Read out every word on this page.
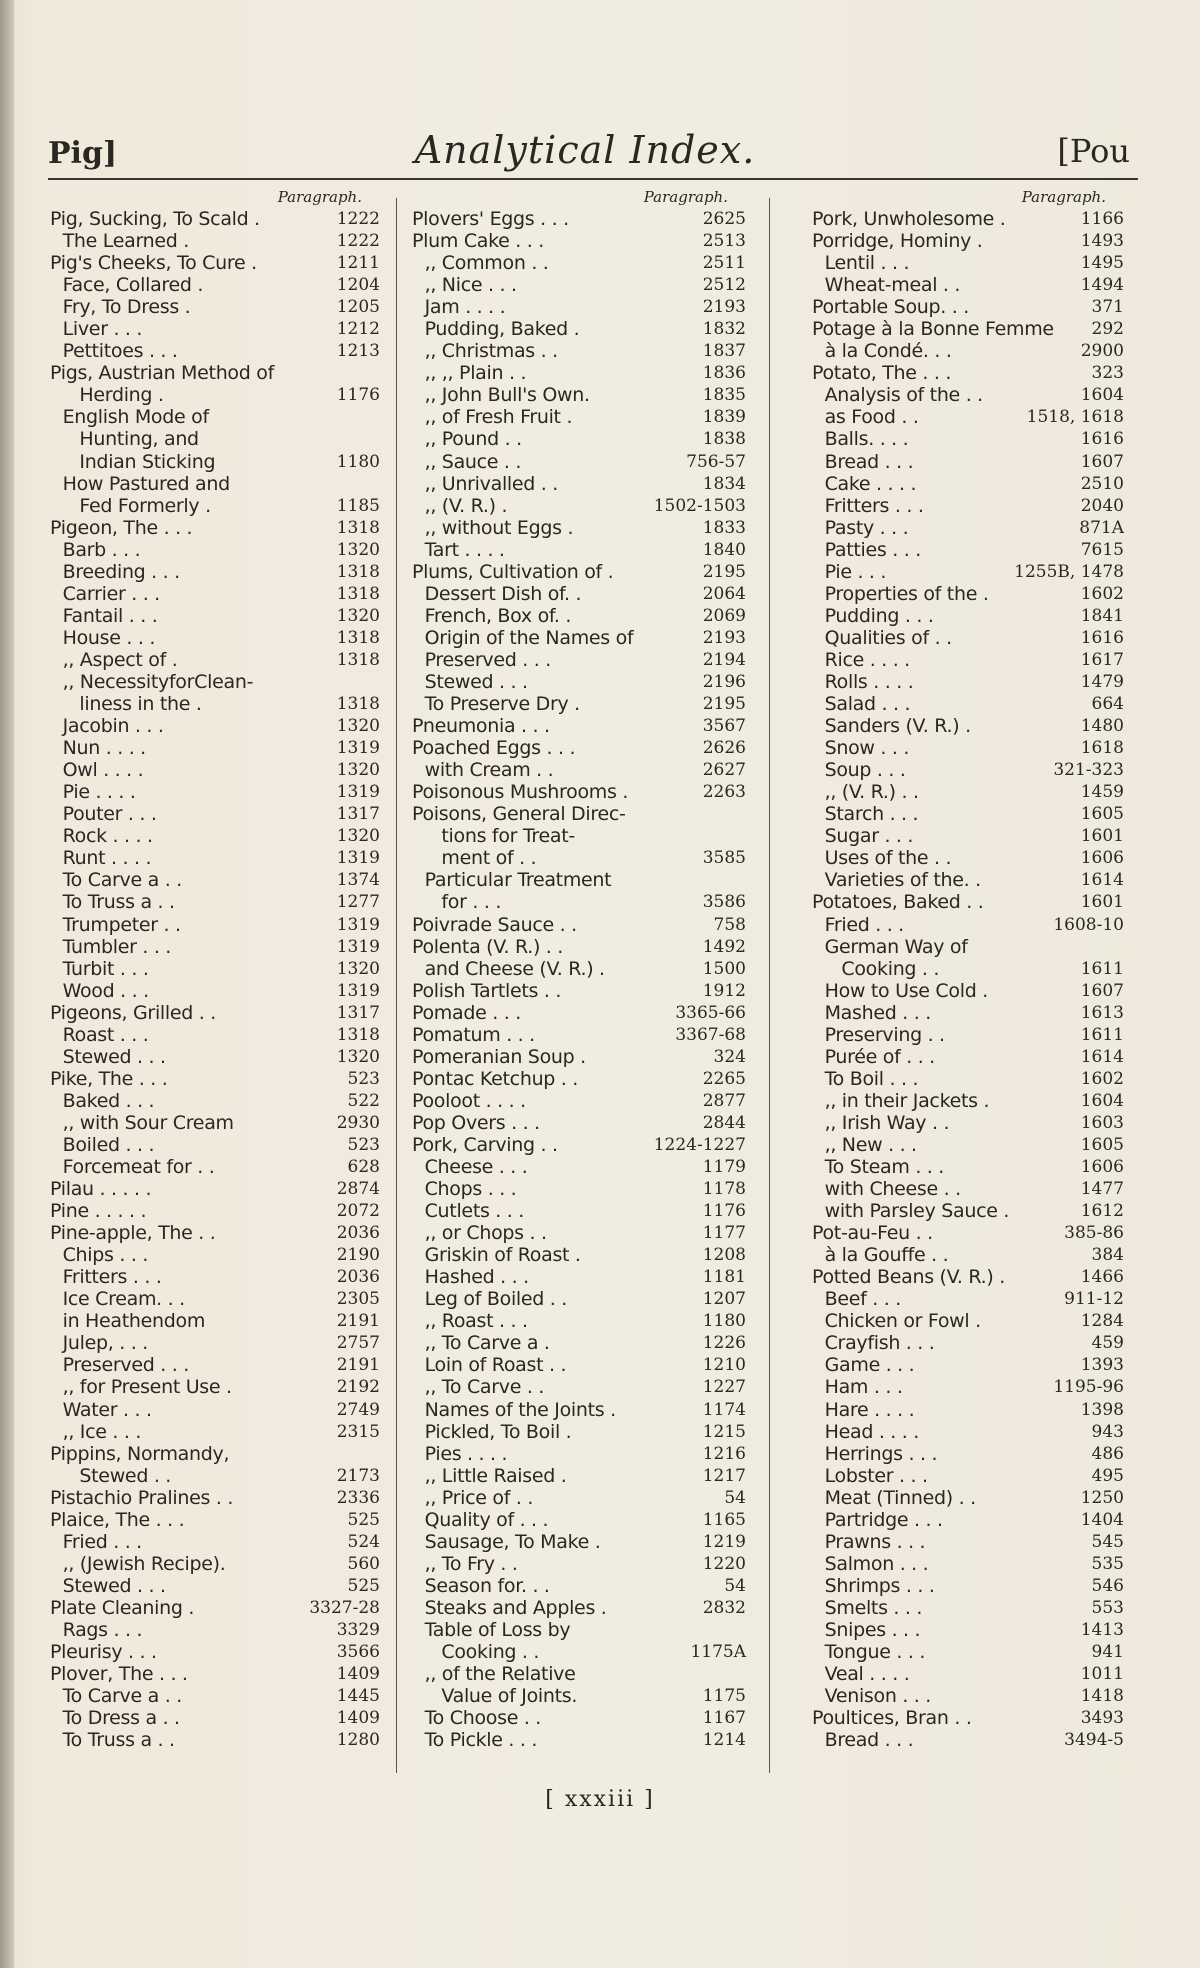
Pig]	Analytical Index.	[Pou
Paragraph.
Pig, Sucking, To Scald .	1222
The Learned .	1222
Pig's Cheeks, To Cure .	1211
Face, Collared .	1204
Fry, To Dress .	1205
Liver . . .	1212
Pettitoes . . .	1213
Pigs, Austrian Method of
Herding .	1176
English Mode of
Hunting, and
Indian Sticking	1180
How Pastured and
Fed Formerly .	1185
Pigeon, The . . .	1318
Barb . . .	1320
Breeding . . .	1318
Carrier . . .	1318
Fantail . . .	1320
House . . .	1318
,, Aspect of .	1318
,, NecessityforClean-
liness in the .	1318
Jacobin . . .	1320
Nun . . . .	1319
Owl . . . .	1320
Pie . . . .	1319
Pouter . . .	1317
Rock . . . .	1320
Runt . . . .	1319
To Carve a . .	1374
To Truss a . .	1277
Trumpeter . .	1319
Tumbler . . .	1319
Turbit . . .	1320
Wood . . .	1319
Pigeons, Grilled . .	1317
Roast . . .	1318
Stewed . . .	1320
Pike, The . . .	523
Baked . . .	522
,, with Sour Cream	2930
Boiled . . .	523
Forcemeat for . .	628
Pilau . . . . .	2874
Pine . . . . .	2072
Pine-apple, The . .	2036
Chips . . .	2190
Fritters . . .	2036
Ice Cream. . .	2305
in Heathendom	2191
Julep, . . .	2757
Preserved . . .	2191
,, for Present Use .	2192
Water . . .	2749
,, Ice . . .	2315
Pippins, Normandy,
Stewed . .	2173
Pistachio Pralines . .	2336
Plaice, The . . .	525
Fried . . .	524
,, (Jewish Recipe).	560
Stewed . . .	525
Plate Cleaning .	3327-28
Rags . . .	3329
Pleurisy . . .	3566
Plover, The . . .	1409
To Carve a . .	1445
To Dress a . .	1409
To Truss a . .	1280
Paragraph.
Plovers' Eggs . . .	2625
Plum Cake . . .	2513
,, Common . .	2511
,, Nice . . .	2512
Jam . . . .	2193
Pudding, Baked .	1832
,, Christmas . .	1837
,, ,, Plain . .	1836
,, John Bull's Own.	1835
,, of Fresh Fruit .	1839
,, Pound . .	1838
,, Sauce . .	756-57
,, Unrivalled . .	1834
,, (V. R.) .	1502-1503
,, without Eggs .	1833
Tart . . . .	1840
Plums, Cultivation of .	2195
Dessert Dish of. .	2064
French, Box of. .	2069
Origin of the Names of	2193
Preserved . . .	2194
Stewed . . .	2196
To Preserve Dry .	2195
Pneumonia . . .	3567
Poached Eggs . . .	2626
with Cream . .	2627
Poisonous Mushrooms .	2263
Poisons, General Direc-
tions for Treat-
ment of . .	3585
Particular Treatment
for . . .	3586
Poivrade Sauce . .	758
Polenta (V. R.) . .	1492
and Cheese (V. R.) .	1500
Polish Tartlets . .	1912
Pomade . . .	3365-66
Pomatum . . .	3367-68
Pomeranian Soup .	324
Pontac Ketchup . .	2265
Pooloot . . . .	2877
Pop Overs . . .	2844
Pork, Carving . .	1224-1227
Cheese . . .	1179
Chops . . .	1178
Cutlets . . .	1176
,, or Chops . .	1177
Griskin of Roast .	1208
Hashed . . .	1181
Leg of Boiled . .	1207
,, Roast . . .	1180
,, To Carve a .	1226
Loin of Roast . .	1210
,, To Carve . .	1227
Names of the Joints .	1174
Pickled, To Boil .	1215
Pies . . . .	1216
,, Little Raised .	1217
,, Price of . .	54
Quality of . . .	1165
Sausage, To Make .	1219
,, To Fry . .	1220
Season for. . .	54
Steaks and Apples .	2832
Table of Loss by
Cooking . .	1175A
,, of the Relative
Value of Joints.	1175
To Choose . .	1167
To Pickle . . .	1214
Paragraph.
Pork, Unwholesome .	1166
Porridge, Hominy .	1493
Lentil . . .	1495
Wheat-meal . .	1494
Portable Soup. . .	371
Potage à la Bonne Femme 292
à la Condé. . .	2900
Potato, The . . .	323
Analysis of the . .	1604
as Food . .	1518, 1618
Balls. . . .	1616
Bread . . .	1607
Cake . . . .	2510
Fritters . . .	2040
Pasty . . .	871A
Patties . . .	7615
Pie . . .	1255B, 1478
Properties of the .	1602
Pudding . . .	1841
Qualities of . .	1616
Rice . . . .	1617
Rolls . . . .	1479
Salad . . .	664
Sanders (V. R.) .	1480
Snow . . .	1618
Soup . . .	321-323
,, (V. R.) . .	1459
Starch . . .	1605
Sugar . . .	1601
Uses of the . .	1606
Varieties of the. .	1614
Potatoes, Baked . .	1601
Fried . . .	1608-10
German Way of
Cooking . .	1611
How to Use Cold .	1607
Mashed . . .	1613
Preserving . .	1611
Purée of . . .	1614
To Boil . . .	1602
,, in their Jackets .	1604
,, Irish Way . .	1603
,, New . . .	1605
To Steam . . .	1606
with Cheese . .	1477
with Parsley Sauce .	1612
Pot-au-Feu . .	385-86
à la Gouffe . .	384
Potted Beans (V. R.) .	1466
Beef . . .	911-12
Chicken or Fowl .	1284
Crayfish . . .	459
Game . . .	1393
Ham . . .	1195-96
Hare . . . .	1398
Head . . . .	943
Herrings . . .	486
Lobster . . .	495
Meat (Tinned) . .	1250
Partridge . . .	1404
Prawns . . .	545
Salmon . . .	535
Shrimps . . .	546
Smelts . . .	553
Snipes . . .	1413
Tongue . . .	941
Veal . . . .	1011
Venison . . .	1418
Poultices, Bran . .	3493
Bread . . .	3494-5
[ xxxiii ]
